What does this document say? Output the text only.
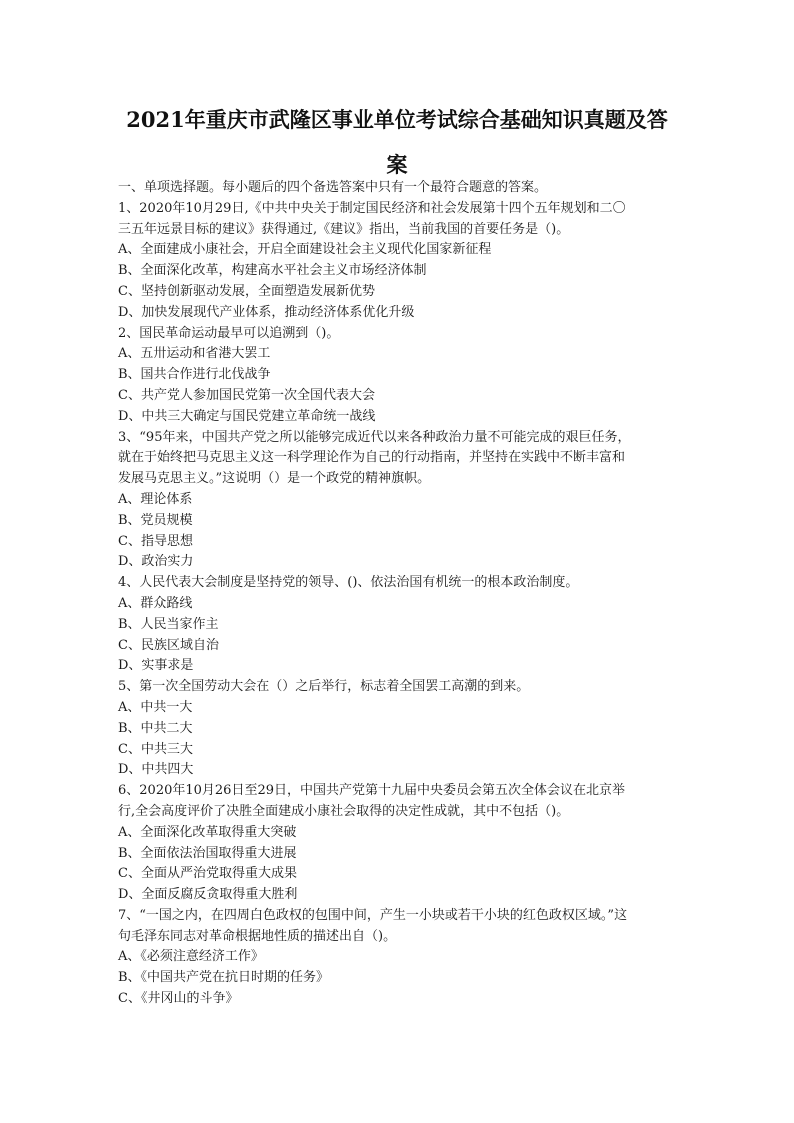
2021年重庆市武隆区事业单位考试综合基础知识真题及答
案
一、单项选择题。每小题后的四个备选答案中只有一个最符合题意的答案。
1、2020年10月29日,《中共中央关于制定国民经济和社会发展第十四个五年规划和二〇
三五年远景目标的建议》获得通过,《建议》指出，当前我国的首要任务是（)。
A、全面建成小康社会，开启全面建设社会主义现代化国家新征程
B、全面深化改革，构建高水平社会主义市场经济体制
C、坚持创新驱动发展，全面塑造发展新优势
D、加快发展现代产业体系，推动经济体系优化升级
2、国民革命运动最早可以追溯到（)。
A、五卅运动和省港大罢工
B、国共合作进行北伐战争
C、共产党人参加国民党第一次全国代表大会
D、中共三大确定与国民党建立革命统一战线
3、“95年来，中国共产党之所以能够完成近代以来各种政治力量不可能完成的艰巨任务，
就在于始终把马克思主义这一科学理论作为自己的行动指南，并坚持在实践中不断丰富和
发展马克思主义。”这说明（）是一个政党的精神旗帜。
A、理论体系
B、党员规模
C、指导思想
D、政治实力
4、人民代表大会制度是坚持党的领导、()、依法治国有机统一的根本政治制度。
A、群众路线
B、人民当家作主
C、民族区域自治
D、实事求是
5、第一次全国劳动大会在（）之后举行，标志着全国罢工高潮的到来。
A、中共一大
B、中共二大
C、中共三大
D、中共四大
6、2020年10月26日至29日，中国共产党第十九届中央委员会第五次全体会议在北京举
行,全会高度评价了决胜全面建成小康社会取得的决定性成就，其中不包括（)。
A、全面深化改革取得重大突破
B、全面依法治国取得重大进展
C、全面从严治党取得重大成果
D、全面反腐反贪取得重大胜利
7、“一国之内，在四周白色政权的包围中间，产生一小块或若干小块的红色政权区域。”这
句毛泽东同志对革命根据地性质的描述出自（)。
A、《必须注意经济工作》
B、《中国共产党在抗日时期的任务》
C、《井冈山的斗争》
